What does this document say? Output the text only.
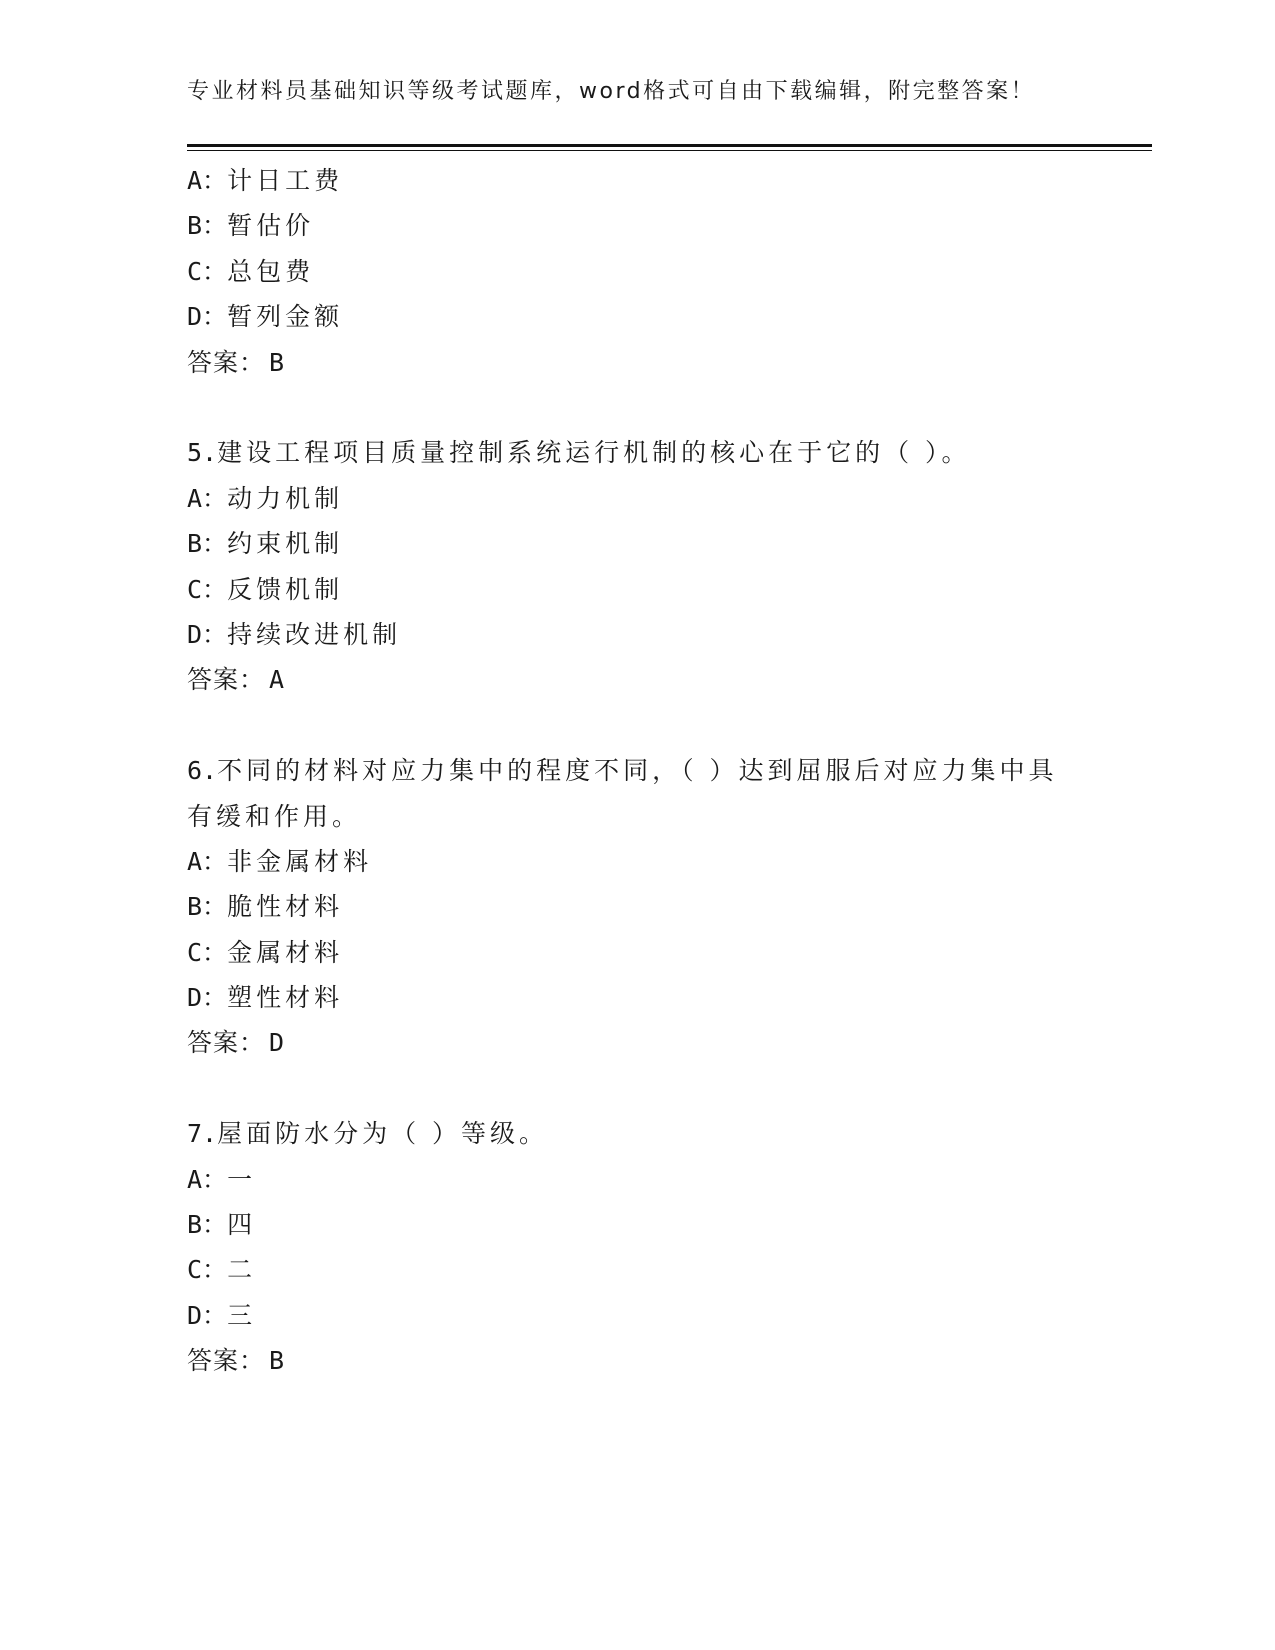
专业材料员基础知识等级考试题库，word格式可自由下载编辑，附完整答案！
A：计日工费
B：暂估价
C：总包费
D：暂列金额
答案： B
5.建设工程项目质量控制系统运行机制的核心在于它的（ ）。
A：动力机制
B：约束机制
C：反馈机制
D：持续改进机制
答案： A
6.不同的材料对应力集中的程度不同，（ ）达到屈服后对应力集中具
有缓和作用。
A：非金属材料
B：脆性材料
C：金属材料
D：塑性材料
答案： D
7.屋面防水分为（ ）等级。
A：一
B：四
C：二
D：三
答案： B
